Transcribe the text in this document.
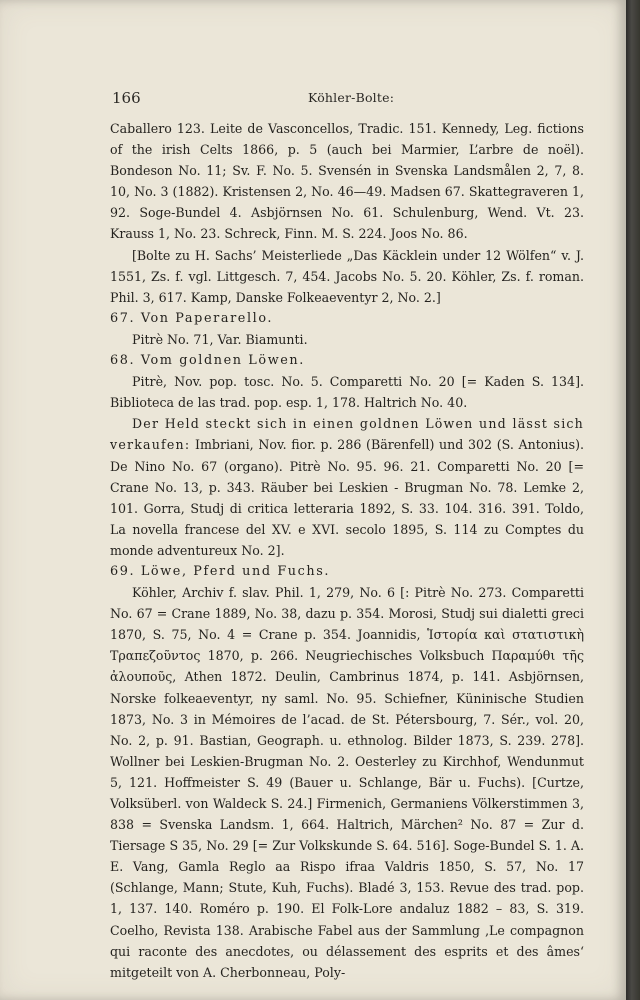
166	Köhler-Bolte:

Caballero 123. Leite de Vasconcellos, Tradic. 151. Kennedy, Leg. fictions of the irish Celts 1866, p. 5 (auch bei Marmier, L’arbre de noël). Bondeson No. 11; Sv. F. No. 5. Svensén in Svenska Landsmålen 2, 7, 8. 10, No. 3 (1882). Kristensen 2, No. 46—49. Madsen 67. Skattegraveren 1, 92. Soge-Bundel 4. Asbjörnsen No. 61. Schulenburg, Wend. Vt. 23. Krauss 1, No. 23. Schreck, Finn. M. S. 224. Joos No. 86.

[Bolte zu H. Sachs’ Meisterliede „Das Käcklein under 12 Wölfen“ v. J. 1551, Zs. f. vgl. Littgesch. 7, 454. Jacobs No. 5. 20. Köhler, Zs. f. roman. Phil. 3, 617. Kamp, Danske Folkeaeventyr 2, No. 2.]

67. Von Paperarello.

Pitrè No. 71, Var. Biamunti.

68. Vom goldnen Löwen.

Pitrè, Nov. pop. tosc. No. 5. Comparetti No. 20 [= Kaden S. 134]. Biblioteca de las trad. pop. esp. 1, 178. Haltrich No. 40.

Der Held steckt sich in einen goldnen Löwen und lässt sich verkaufen: Imbriani, Nov. fior. p. 286 (Bärenfell) und 302 (S. Antonius). De Nino No. 67 (organo). Pitrè No. 95. 96. 21. Comparetti No. 20 [= Crane No. 13, p. 343. Räuber bei Leskien - Brugman No. 78. Lemke 2, 101. Gorra, Studj di critica letteraria 1892, S. 33. 104. 316. 391. Toldo, La novella francese del XV. e XVI. secolo 1895, S. 114 zu Comptes du monde adventureux No. 2].

69. Löwe, Pferd und Fuchs.

Köhler, Archiv f. slav. Phil. 1, 279, No. 6 [: Pitrè No. 273. Comparetti No. 67 = Crane 1889, No. 38, dazu p. 354. Morosi, Studj sui dialetti greci 1870, S. 75, No. 4 = Crane p. 354. Joannidis, Ἱστορία καὶ στατιστικὴ Τραπεζοῦντος 1870, p. 266. Neugriechisches Volksbuch Παραμύθι τῆς ἀλουποῦς, Athen 1872. Deulin, Cambrinus 1874, p. 141. Asbjörnsen, Norske folkeaeventyr, ny saml. No. 95. Schiefner, Küninische Studien 1873, No. 3 in Mémoires de l’acad. de St. Pétersbourg, 7. Sér., vol. 20, No. 2, p. 91. Bastian, Geograph. u. ethnolog. Bilder 1873, S. 239. 278]. Wollner bei Leskien-Brugman No. 2. Oesterley zu Kirchhof, Wendunmut 5, 121. Hoffmeister S. 49 (Bauer u. Schlange, Bär u. Fuchs). [Curtze, Volksüberl. von Waldeck S. 24.] Firmenich, Germaniens Völkerstimmen 3, 838 = Svenska Landsm. 1, 664. Haltrich, Märchen² No. 87 = Zur d. Tiersage S 35, No. 29 [= Zur Volkskunde S. 64. 516]. Soge-Bundel S. 1. A. E. Vang, Gamla Reglo aa Rispo ifraa Valdris 1850, S. 57, No. 17 (Schlange, Mann; Stute, Kuh, Fuchs). Bladé 3, 153. Revue des trad. pop. 1, 137. 140. Roméro p. 190. El Folk-Lore andaluz 1882 – 83, S. 319. Coelho, Revista 138. Arabische Fabel aus der Sammlung ‚Le compagnon qui raconte des anecdotes, ou délassement des esprits et des âmes‘ mitgeteilt von A. Cherbonneau, Poly-
